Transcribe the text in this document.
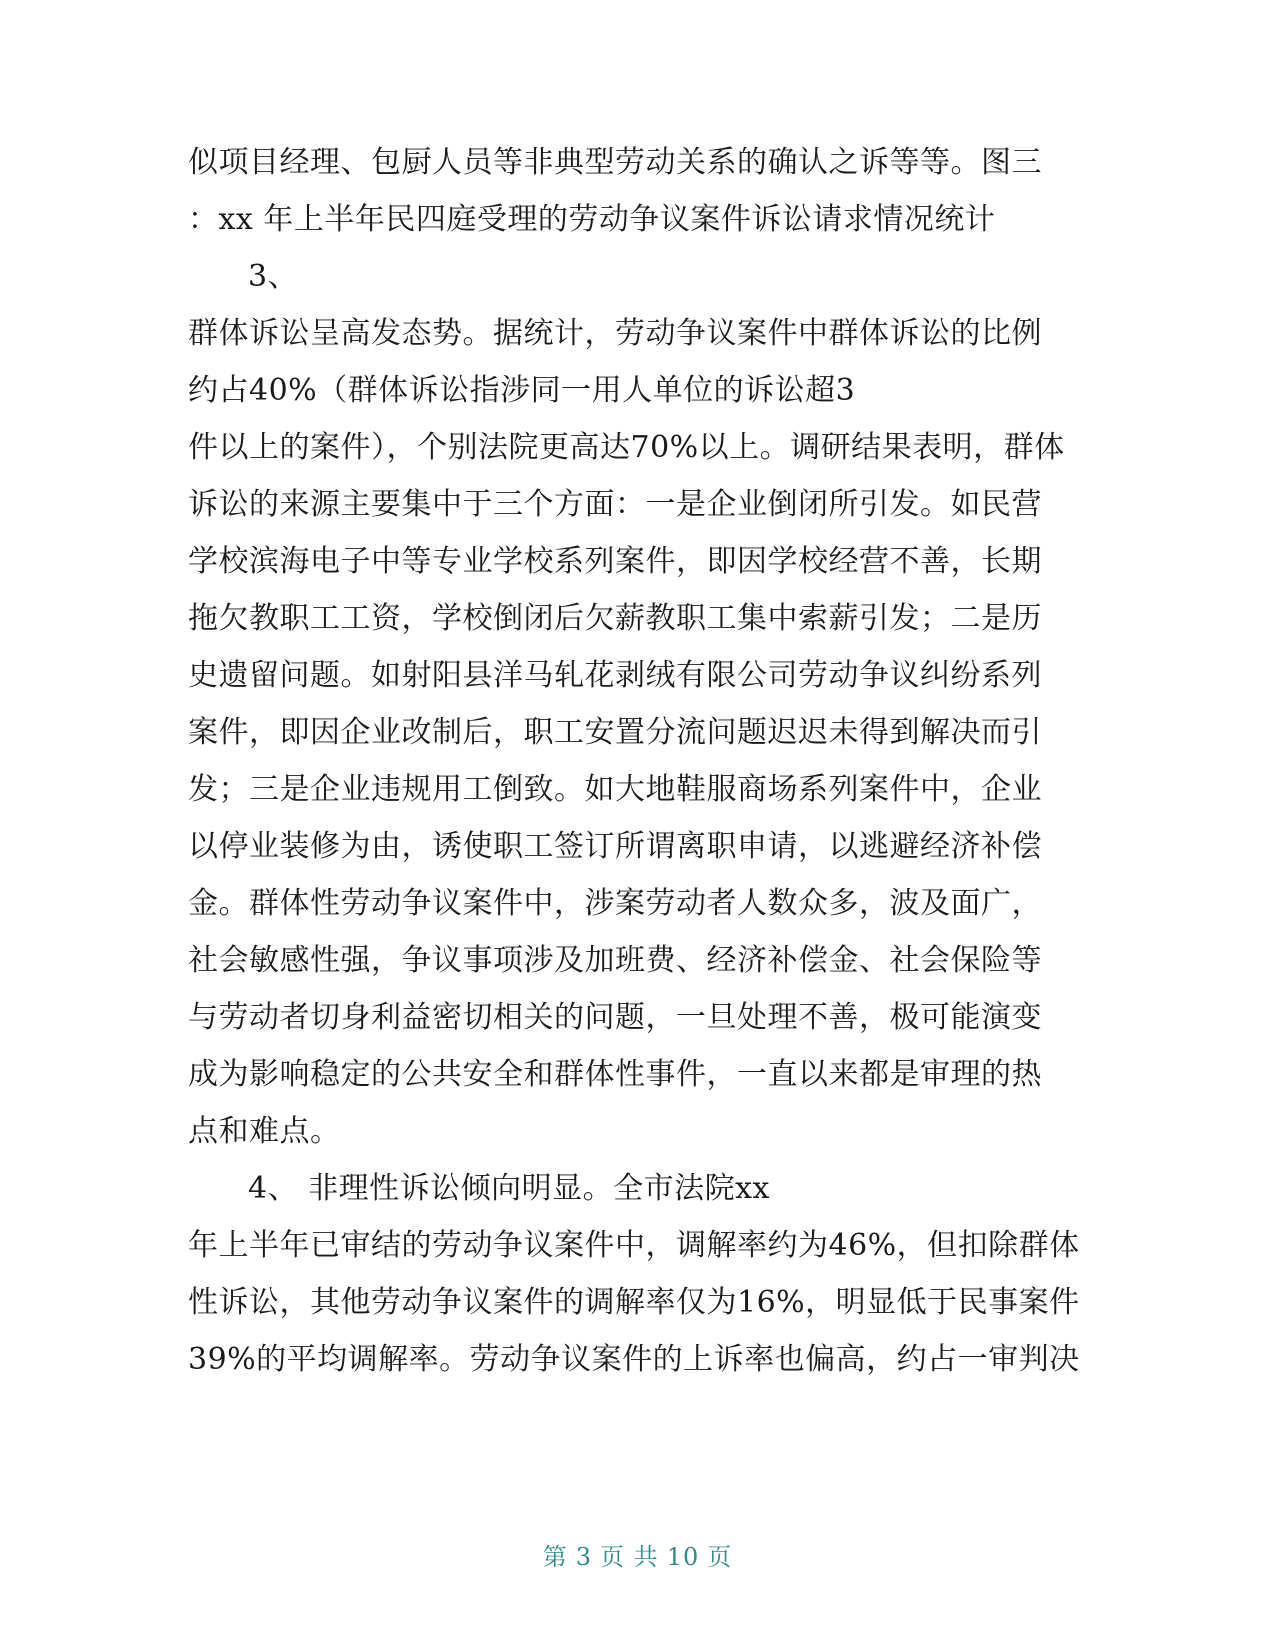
似项目经理、包厨人员等非典型劳动关系的确认之诉等等。图三
：xx 年上半年民四庭受理的劳动争议案件诉讼请求情况统计
3、
群体诉讼呈高发态势。据统计，劳动争议案件中群体诉讼的比例
约占40%（群体诉讼指涉同一用人单位的诉讼超3
件以上的案件），个别法院更高达70%以上。调研结果表明，群体
诉讼的来源主要集中于三个方面：一是企业倒闭所引发。如民营
学校滨海电子中等专业学校系列案件，即因学校经营不善，长期
拖欠教职工工资，学校倒闭后欠薪教职工集中索薪引发；二是历
史遗留问题。如射阳县洋马轧花剥绒有限公司劳动争议纠纷系列
案件，即因企业改制后，职工安置分流问题迟迟未得到解决而引
发；三是企业违规用工倒致。如大地鞋服商场系列案件中，企业
以停业装修为由，诱使职工签订所谓离职申请，以逃避经济补偿
金。群体性劳动争议案件中，涉案劳动者人数众多，波及面广，
社会敏感性强，争议事项涉及加班费、经济补偿金、社会保险等
与劳动者切身利益密切相关的问题，一旦处理不善，极可能演变
成为影响稳定的公共安全和群体性事件，一直以来都是审理的热
点和难点。
4、 非理性诉讼倾向明显。全市法院xx
年上半年已审结的劳动争议案件中，调解率约为46%，但扣除群体
性诉讼，其他劳动争议案件的调解率仅为16%，明显低于民事案件
39%的平均调解率。劳动争议案件的上诉率也偏高，约占一审判决
第 3 页 共 10 页
